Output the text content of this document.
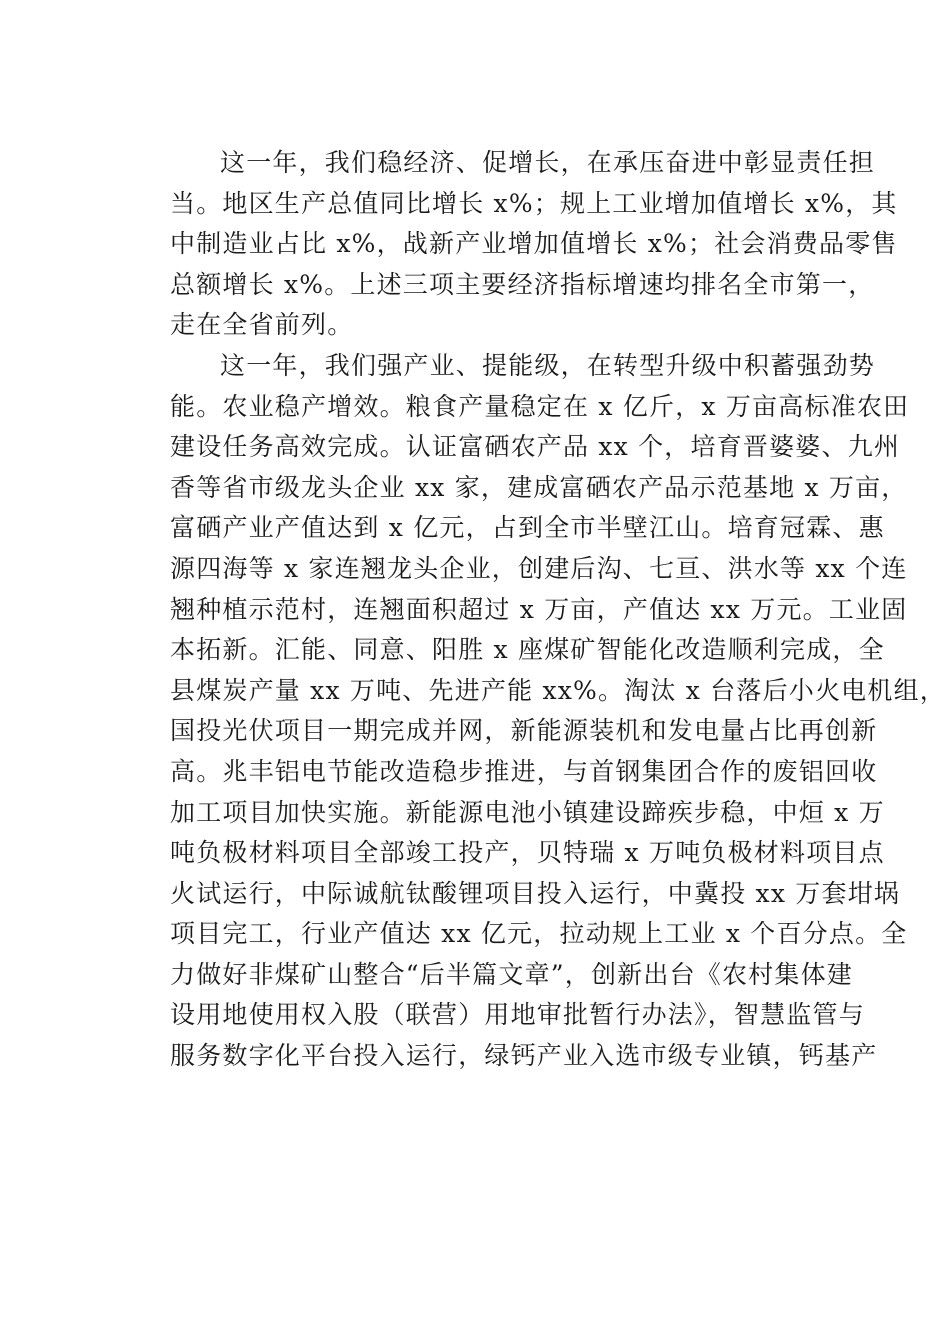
这一年，我们稳经济、促增长，在承压奋进中彰显责任担
当。地区生产总值同比增长 x%；规上工业增加值增长 x%，其
中制造业占比 x%，战新产业增加值增长 x%；社会消费品零售
总额增长 x%。上述三项主要经济指标增速均排名全市第一，
走在全省前列。
这一年，我们强产业、提能级，在转型升级中积蓄强劲势
能。农业稳产增效。粮食产量稳定在 x 亿斤，x 万亩高标准农田
建设任务高效完成。认证富硒农产品 xx 个，培育晋婆婆、九州
香等省市级龙头企业 xx 家，建成富硒农产品示范基地 x 万亩，
富硒产业产值达到 x 亿元，占到全市半壁江山。培育冠霖、惠
源四海等 x 家连翘龙头企业，创建后沟、七亘、洪水等 xx 个连
翘种植示范村，连翘面积超过 x 万亩，产值达 xx 万元。工业固
本拓新。汇能、同意、阳胜 x 座煤矿智能化改造顺利完成，全
县煤炭产量 xx 万吨、先进产能 xx%。淘汰 x 台落后小火电机组，
国投光伏项目一期完成并网，新能源装机和发电量占比再创新
高。兆丰铝电节能改造稳步推进，与首钢集团合作的废铝回收
加工项目加快实施。新能源电池小镇建设蹄疾步稳，中烜 x 万
吨负极材料项目全部竣工投产，贝特瑞 x 万吨负极材料项目点
火试运行，中际诚航钛酸锂项目投入运行，中冀投 xx 万套坩埚
项目完工，行业产值达 xx 亿元，拉动规上工业 x 个百分点。全
力做好非煤矿山整合“后半篇文章”，创新出台《农村集体建
设用地使用权入股（联营）用地审批暂行办法》，智慧监管与
服务数字化平台投入运行，绿钙产业入选市级专业镇，钙基产
